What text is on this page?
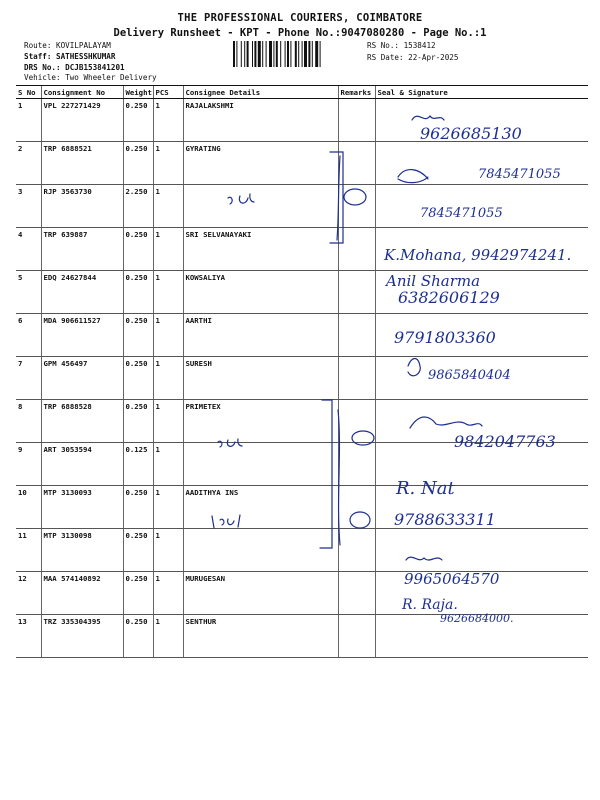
THE PROFESSIONAL COURIERS, COIMBATORE
Delivery Runsheet - KPT - Phone No.:9047080280 - Page No.:1
Route: KOVILPALAYAM
Staff: SATHESSHKUMAR
DRS No.: DCJB153841201
Vehicle: Two Wheeler Delivery
RS No.: 1538412
RS Date: 22-Apr-2025
S No	Consignment No	Weight	PCS	Consignee Details	Remarks	Seal & Signature
1	VPL 227271429	0.250	1	RAJALAKSHMI		
2	TRP 6888521	0.250	1	GYRATING		
3	RJP 3563730	2.250	1			
4	TRP 639887	0.250	1	SRI SELVANAYAKI		
5	EDQ 24627844	0.250	1	KOWSALIYA		
6	MDA 906611527	0.250	1	AARTHI		
7	GPM 456497	0.250	1	SURESH		
8	TRP 6888528	0.250	1	PRIMETEX		
9	ART 3053594	0.125	1			
10	MTP 3130093	0.250	1	AADITHYA INS		
11	MTP 3130098	0.250	1			
12	MAA 574140892	0.250	1	MURUGESAN		
13	TRZ 335304395	0.250	1	SENTHUR		
9626685130
7845471055
7845471055
K.Mohana, 9942974241.
Anil Sharma
6382606129
9791803360
9865840404
9842047763
R. Nat
9788633311
9965064570
R. Raja.
9626684000.
